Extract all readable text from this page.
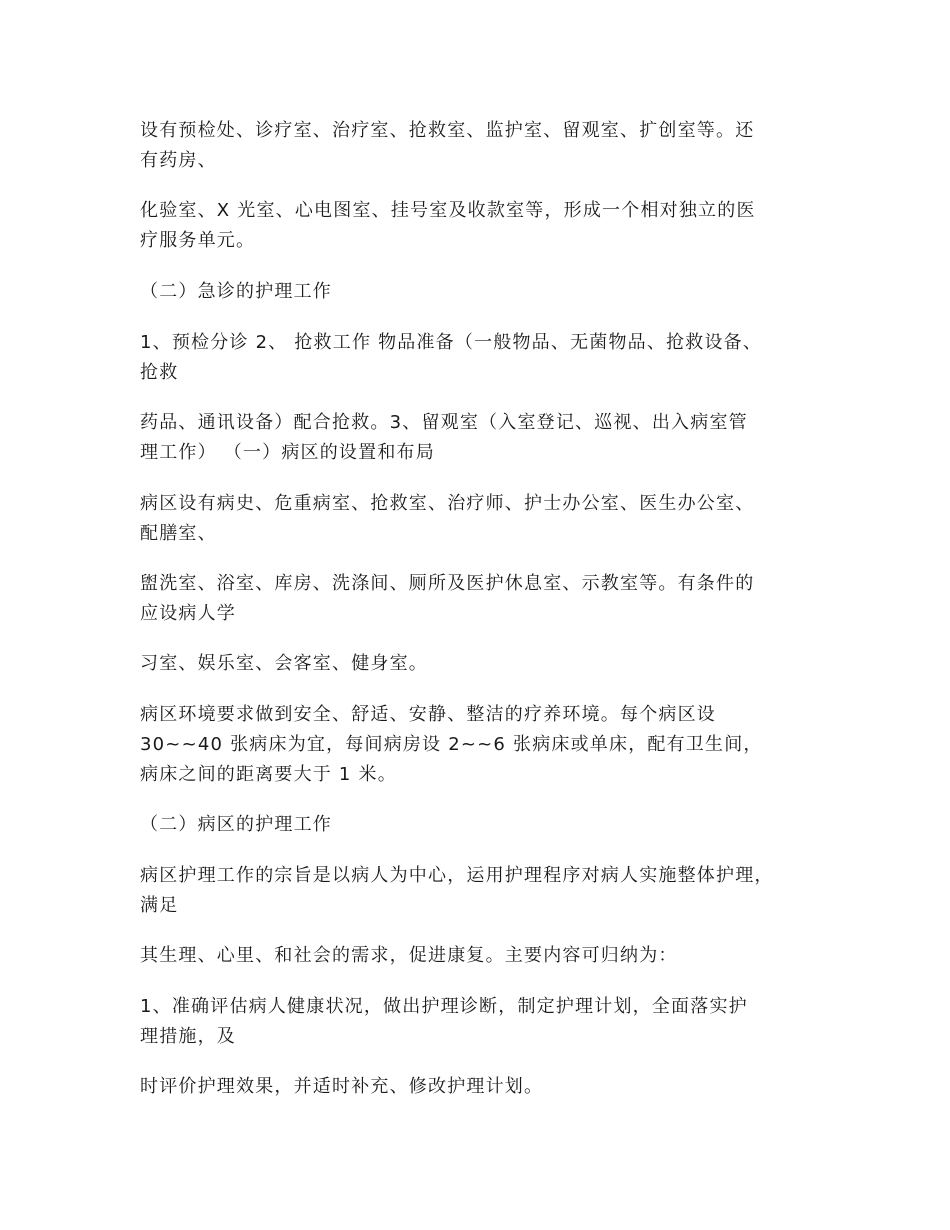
设有预检处、诊疗室、治疗室、抢救室、监护室、留观室、扩创室等。还
有药房、

化验室、X 光室、心电图室、挂号室及收款室等，形成一个相对独立的医
疗服务单元。

（二）急诊的护理工作

1、预检分诊 2、 抢救工作 物品准备（一般物品、无菌物品、抢救设备、
抢救

药品、通讯设备）配合抢救。3、留观室（入室登记、巡视、出入病室管
理工作） （一）病区的设置和布局

病区设有病史、危重病室、抢救室、治疗师、护士办公室、医生办公室、
配膳室、

盥洗室、浴室、库房、洗涤间、厕所及医护休息室、示教室等。有条件的
应设病人学

习室、娱乐室、会客室、健身室。

病区环境要求做到安全、舒适、安静、整洁的疗养环境。每个病区设
30~~40 张病床为宜，每间病房设 2~~6 张病床或单床，配有卫生间，
病床之间的距离要大于 1 米。

（二）病区的护理工作

病区护理工作的宗旨是以病人为中心，运用护理程序对病人实施整体护理，
满足

其生理、心里、和社会的需求，促进康复。主要内容可归纳为：

1、准确评估病人健康状况，做出护理诊断，制定护理计划，全面落实护
理措施，及

时评价护理效果，并适时补充、修改护理计划。
